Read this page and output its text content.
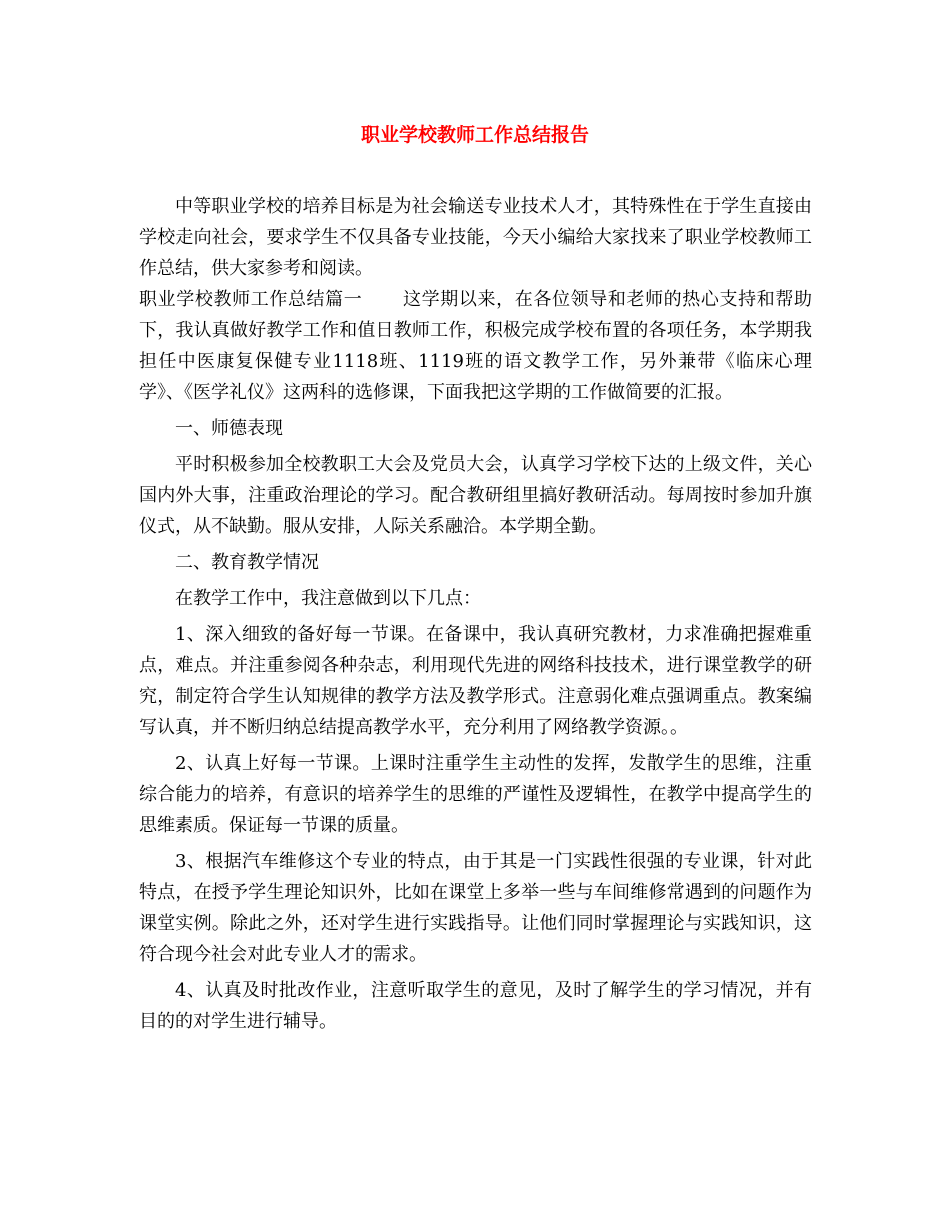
职业学校教师工作总结报告

中等职业学校的培养目标是为社会输送专业技术人才，其特殊性在于学生直接由学校走向社会，要求学生不仅具备专业技能，今天小编给大家找来了职业学校教师工作总结，供大家参考和阅读。

职业学校教师工作总结篇一 这学期以来，在各位领导和老师的热心支持和帮助下，我认真做好教学工作和值日教师工作，积极完成学校布置的各项任务，本学期我担任中医康复保健专业1118班、1119班的语文教学工作，另外兼带《临床心理学》、《医学礼仪》这两科的选修课，下面我把这学期的工作做简要的汇报。

一、师德表现

平时积极参加全校教职工大会及党员大会，认真学习学校下达的上级文件，关心国内外大事，注重政治理论的学习。配合教研组里搞好教研活动。每周按时参加升旗仪式，从不缺勤。服从安排，人际关系融洽。本学期全勤。

二、教育教学情况

在教学工作中，我注意做到以下几点：

1、深入细致的备好每一节课。在备课中，我认真研究教材，力求准确把握难重点，难点。并注重参阅各种杂志，利用现代先进的网络科技技术，进行课堂教学的研究，制定符合学生认知规律的教学方法及教学形式。注意弱化难点强调重点。教案编写认真，并不断归纳总结提高教学水平，充分利用了网络教学资源。。

2、认真上好每一节课。上课时注重学生主动性的发挥，发散学生的思维，注重综合能力的培养，有意识的培养学生的思维的严谨性及逻辑性，在教学中提高学生的思维素质。保证每一节课的质量。

3、根据汽车维修这个专业的特点，由于其是一门实践性很强的专业课，针对此特点，在授予学生理论知识外，比如在课堂上多举一些与车间维修常遇到的问题作为课堂实例。除此之外，还对学生进行实践指导。让他们同时掌握理论与实践知识，这符合现今社会对此专业人才的需求。

4、认真及时批改作业，注意听取学生的意见，及时了解学生的学习情况，并有目的的对学生进行辅导。
